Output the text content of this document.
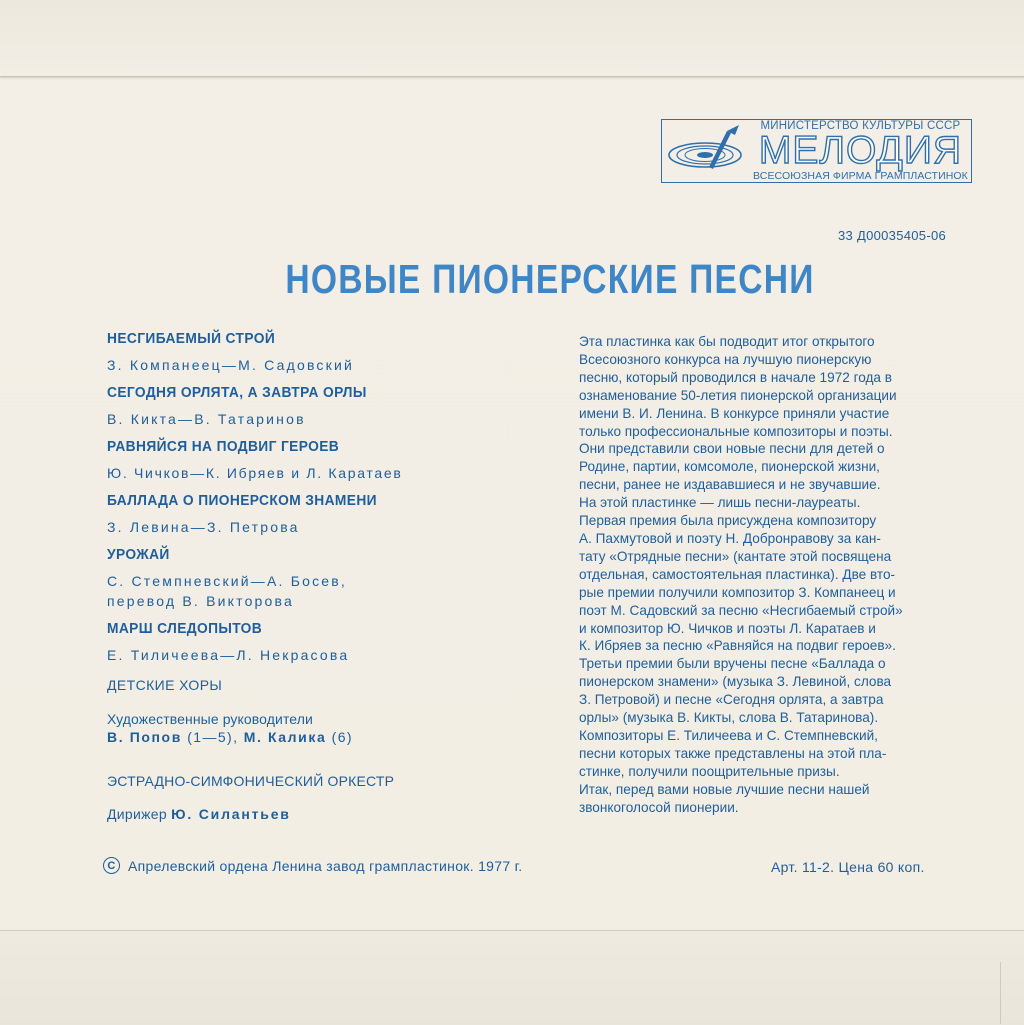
МИНИСТЕРСТВО КУЛЬТУРЫ СССР
МЕЛОДИЯ
ВСЕСОЮЗНАЯ ФИРМА ГРАМПЛАСТИНОК
33 Д00035405-06
НОВЫЕ ПИОНЕРСКИЕ ПЕСНИ
НЕСГИБАЕМЫЙ СТРОЙ
З. Компанеец—М. Садовский
СЕГОДНЯ ОРЛЯТА, А ЗАВТРА ОРЛЫ
В. Кикта—В. Татаринов
РАВНЯЙСЯ НА ПОДВИГ ГЕРОЕВ
Ю. Чичков—К. Ибряев и Л. Каратаев
БАЛЛАДА О ПИОНЕРСКОМ ЗНАМЕНИ
З. Левина—З. Петрова
УРОЖАЙ
С. Стемпневский—А. Босев,
перевод В. Викторова
МАРШ СЛЕДОПЫТОВ
Е. Тиличеева—Л. Некрасова
ДЕТСКИЕ ХОРЫ
Художественные руководители
В. Попов (1—5), М. Калика (6)
ЭСТРАДНО-СИМФОНИЧЕСКИЙ ОРКЕСТР
Дирижер Ю. Силантьев

Эта пластинка как бы подводит итог открытого
Всесоюзного конкурса на лучшую пионерскую
песню, который проводился в начале 1972 года в
ознаменование 50-летия пионерской организации
имени В. И. Ленина. В конкурсе приняли участие
только профессиональные композиторы и поэты.
Они представили свои новые песни для детей о
Родине, партии, комсомоле, пионерской жизни,
песни, ранее не издававшиеся и не звучавшие.

На этой пластинке — лишь песни-лауреаты.
Первая премия была присуждена композитору
А. Пахмутовой и поэту Н. Добронравову за кан-
тату «Отрядные песни» (кантате этой посвящена
отдельная, самостоятельная пластинка). Две вто-
рые премии получили композитор З. Компанеец и
поэт М. Садовский за песню «Несгибаемый строй»
и композитор Ю. Чичков и поэты Л. Каратаев и
К. Ибряев за песню «Равняйся на подвиг героев».
Третьи премии были вручены песне «Баллада о
пионерском знамени» (музыка З. Левиной, слова
З. Петровой) и песне «Сегодня орлята, а завтра
орлы» (музыка В. Кикты, слова В. Татаринова).
Композиторы Е. Тиличеева и С. Стемпневский,
песни которых также представлены на этой пла-
стинке, получили поощрительные призы.

Итак, перед вами новые лучшие песни нашей
звонкоголосой пионерии.

C Апрелевский ордена Ленина завод грампластинок. 1977 г.	Арт. 11-2. Цена 60 коп.
